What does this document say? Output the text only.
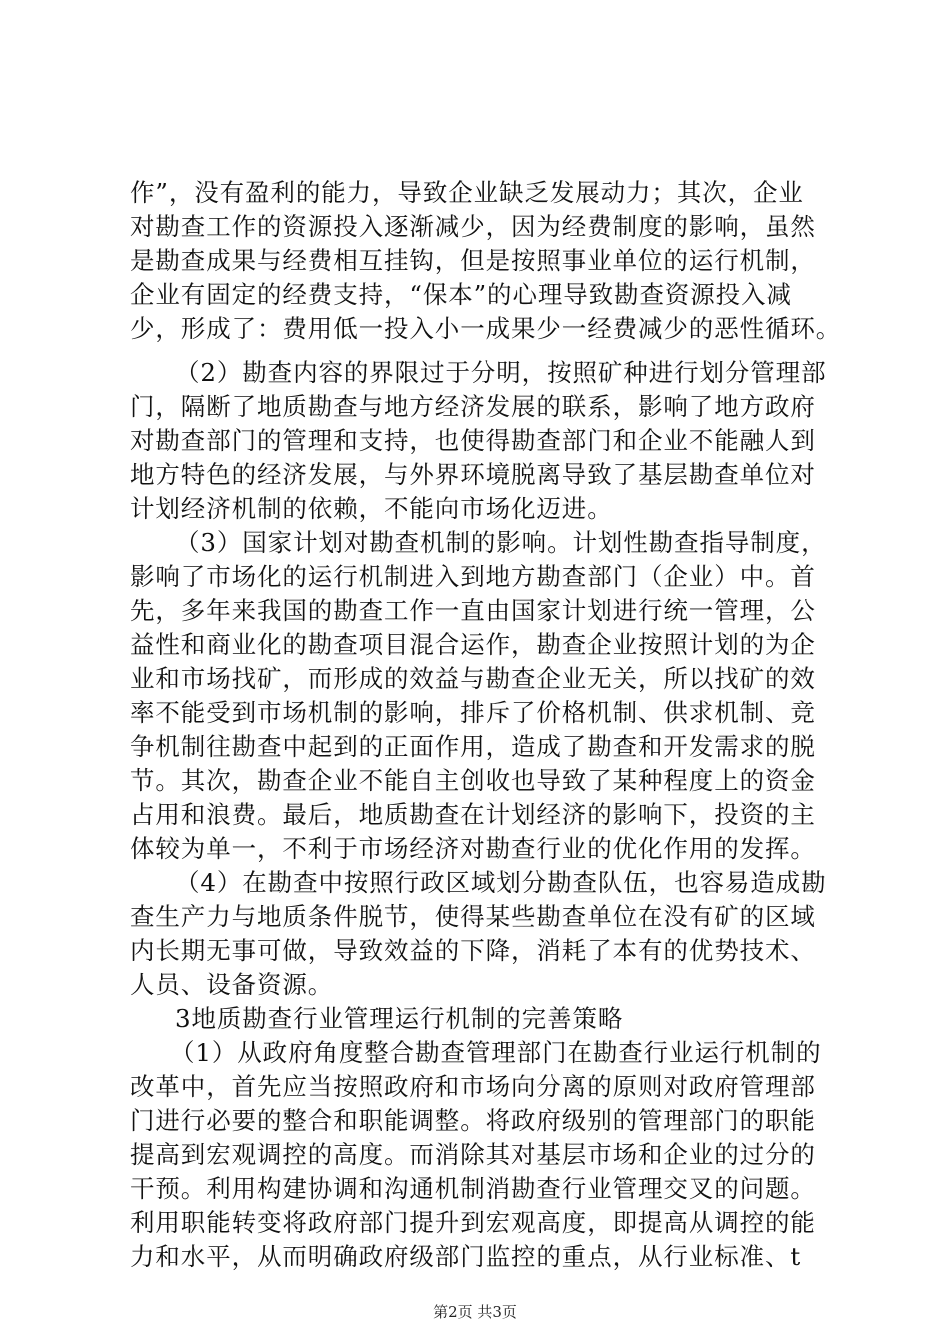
作”，没有盈利的能力，导致企业缺乏发展动力；其次，企业
对勘查工作的资源投入逐渐减少，因为经费制度的影响，虽然
是勘查成果与经费相互挂钩，但是按照事业单位的运行机制，
企业有固定的经费支持，“保本”的心理导致勘查资源投入减
少，形成了：费用低一投入小一成果少一经费减少的恶性循环。
（2）勘查内容的界限过于分明，按照矿种进行划分管理部
门，隔断了地质勘查与地方经济发展的联系，影响了地方政府
对勘查部门的管理和支持，也使得勘查部门和企业不能融人到
地方特色的经济发展，与外界环境脱离导致了基层勘查单位对
计划经济机制的依赖，不能向市场化迈进。
（3）国家计划对勘查机制的影响。计划性勘查指导制度，
影响了市场化的运行机制进入到地方勘查部门（企业）中。首
先，多年来我国的勘查工作一直由国家计划进行统一管理，公
益性和商业化的勘查项目混合运作，勘查企业按照计划的为企
业和市场找矿，而形成的效益与勘查企业无关，所以找矿的效
率不能受到市场机制的影响，排斥了价格机制、供求机制、竞
争机制往勘查中起到的正面作用，造成了勘查和开发需求的脱
节。其次，勘查企业不能自主创收也导致了某种程度上的资金
占用和浪费。最后，地质勘查在计划经济的影响下，投资的主
体较为单一，不利于市场经济对勘查行业的优化作用的发挥。
（4）在勘查中按照行政区域划分勘查队伍，也容易造成勘
查生产力与地质条件脱节，使得某些勘查单位在没有矿的区域
内长期无事可做，导致效益的下降，消耗了本有的优势技术、
人员、设备资源。
3地质勘查行业管理运行机制的完善策略
（1）从政府角度整合勘查管理部门在勘查行业运行机制的
改革中，首先应当按照政府和市场向分离的原则对政府管理部
门进行必要的整合和职能调整。将政府级别的管理部门的职能
提高到宏观调控的高度。而消除其对基层市场和企业的过分的
干预。利用构建协调和沟通机制消勘查行业管理交叉的问题。
利用职能转变将政府部门提升到宏观高度，即提高从调控的能
力和水平，从而明确政府级部门监控的重点，从行业标准、t
第2页 共3页
